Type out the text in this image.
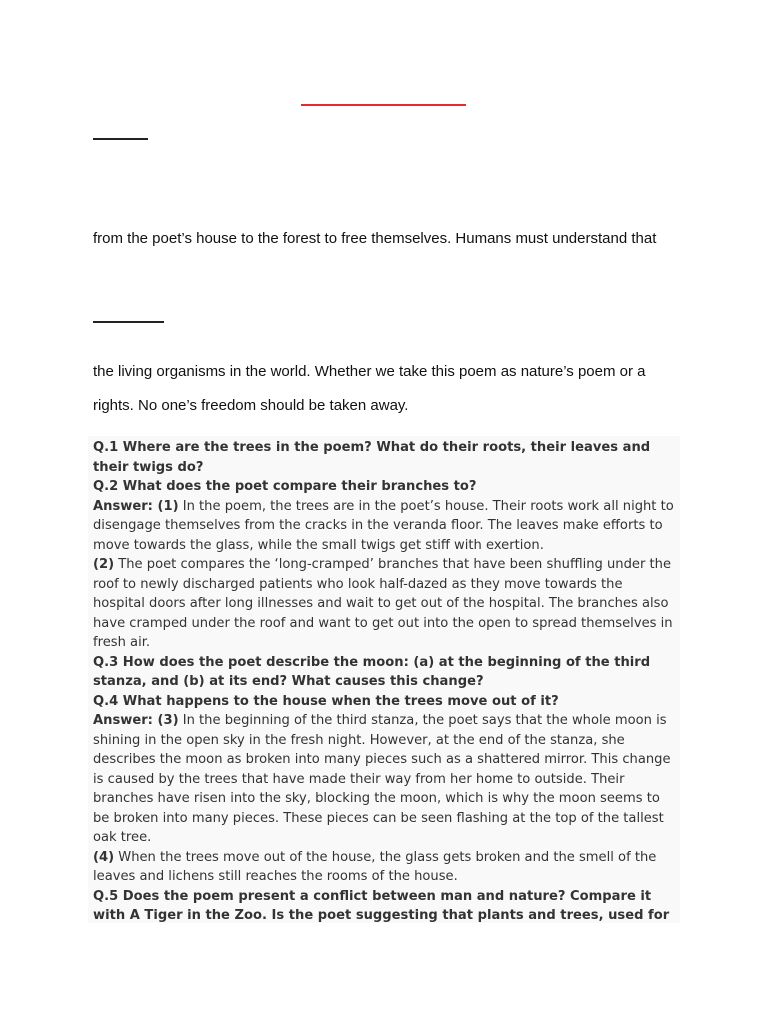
from the poet’s house to the forest to free themselves. Humans must understand that
the living organisms in the world. Whether we take this poem as nature’s poem or a
rights. No one’s freedom should be taken away.

Q.1 Where are the trees in the poem? What do their roots, their leaves and their twigs do?

Q.2 What does the poet compare their branches to?

Answer: (1) In the poem, the trees are in the poet’s house. Their roots work all night to disengage themselves from the cracks in the veranda floor. The leaves make efforts to move towards the glass, while the small twigs get stiff with exertion.

(2) The poet compares the ‘long-cramped’ branches that have been shuffling under the roof to newly discharged patients who look half-dazed as they move towards the hospital doors after long illnesses and wait to get out of the hospital. The branches also have cramped under the roof and want to get out into the open to spread themselves in fresh air.

Q.3 How does the poet describe the moon: (a) at the beginning of the third stanza, and (b) at its end? What causes this change?

Q.4 What happens to the house when the trees move out of it?

Answer: (3) In the beginning of the third stanza, the poet says that the whole moon is shining in the open sky in the fresh night. However, at the end of the stanza, she describes the moon as broken into many pieces such as a shattered mirror. This change is caused by the trees that have made their way from her home to outside. Their branches have risen into the sky, blocking the moon, which is why the moon seems to be broken into many pieces. These pieces can be seen flashing at the top of the tallest oak tree.

(4) When the trees move out of the house, the glass gets broken and the smell of the leaves and lichens still reaches the rooms of the house.

Q.5 Does the poem present a conflict between man and nature? Compare it with A Tiger in the Zoo. Is the poet suggesting that plants and trees, used for
